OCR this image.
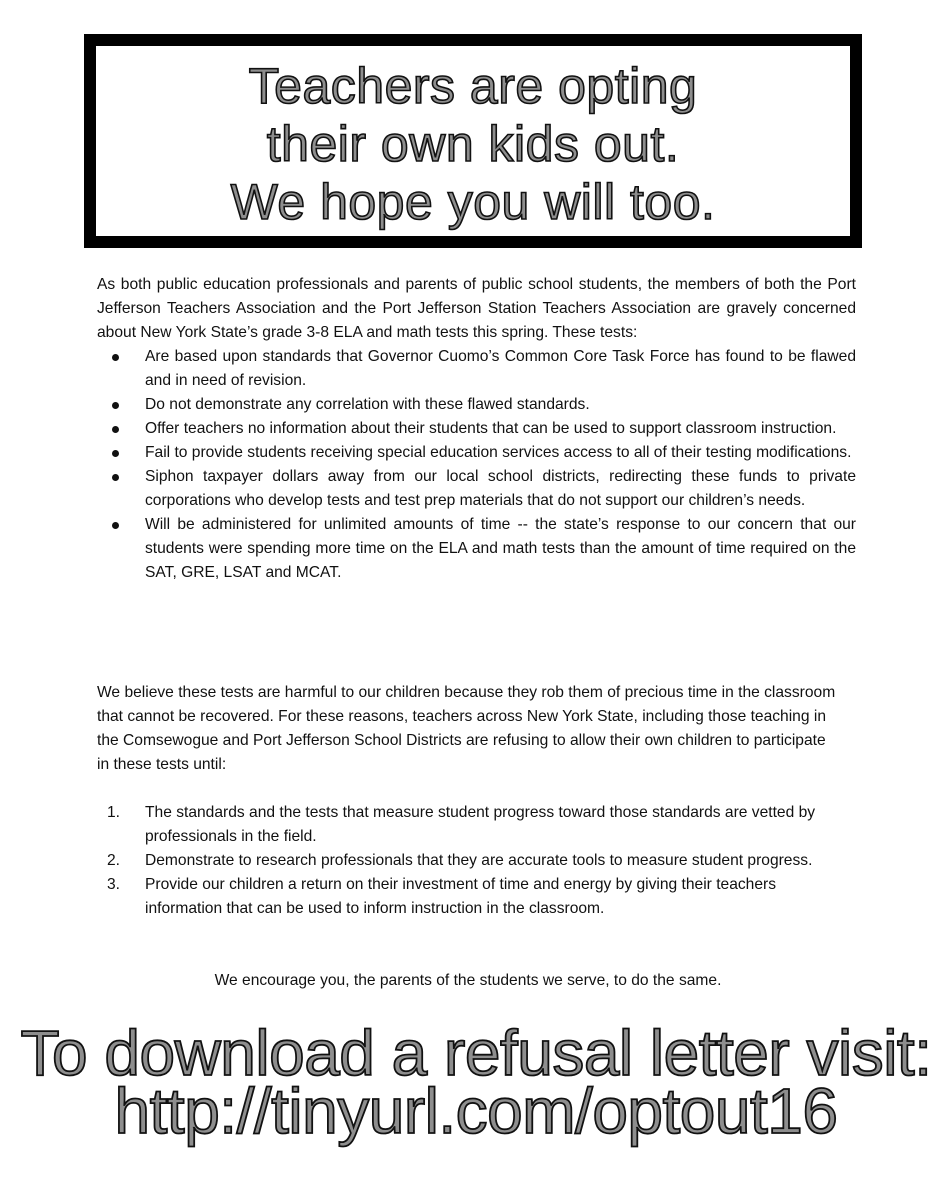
Teachers are opting
their own kids out.
We hope you will too.

As both public education professionals and parents of public school students, the members of both the Port Jefferson Teachers Association and the Port Jefferson Station Teachers Association are gravely concerned about New York State’s grade 3-8 ELA and math tests this spring. These tests:

Are based upon standards that Governor Cuomo’s Common Core Task Force has found to be flawed and in need of revision.
Do not demonstrate any correlation with these flawed standards.
Offer teachers no information about their students that can be used to support classroom instruction.
Fail to provide students receiving special education services access to all of their testing modifications.
Siphon taxpayer dollars away from our local school districts, redirecting these funds to private corporations who develop tests and test prep materials that do not support our children’s needs.
Will be administered for unlimited amounts of time -- the state’s response to our concern that our students were spending more time on the ELA and math tests than the amount of time required on the SAT, GRE, LSAT and MCAT.

We believe these tests are harmful to our children because they rob them of precious time in the classroom that cannot be recovered. For these reasons, teachers across New York State, including those teaching in the Comsewogue and Port Jefferson School Districts are refusing to allow their own children to participate in these tests until:

1. The standards and the tests that measure student progress toward those standards are vetted by professionals in the field.
2. Demonstrate to research professionals that they are accurate tools to measure student progress.
3. Provide our children a return on their investment of time and energy by giving their teachers information that can be used to inform instruction in the classroom.

We encourage you, the parents of the students we serve, to do the same.

To download a refusal letter visit:
http://tinyurl.com/optout16
